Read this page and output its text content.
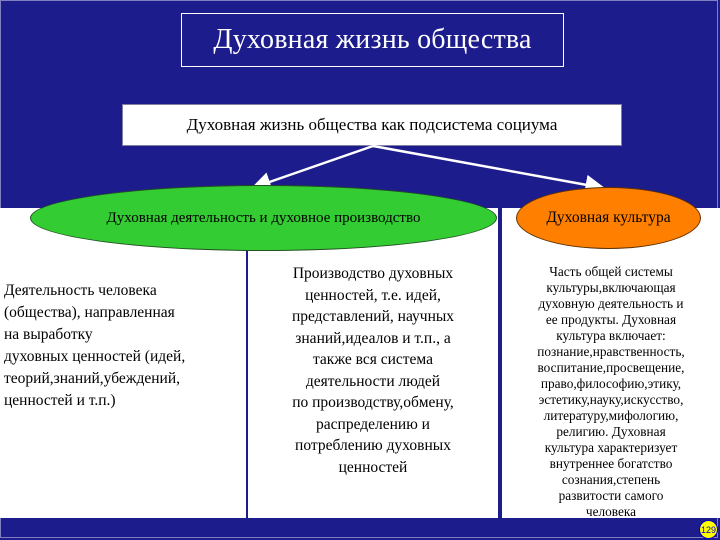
Духовная жизнь общества
Духовная жизнь общества как подсистема социума
Духовная деятельность и духовное производство	Духовная культура
Деятельность человека
(общества), направленная
на выработку
духовных ценностей (идей,
теорий,знаний,убеждений,
ценностей и т.п.)
Производство духовных
ценностей, т.е. идей,
представлений, научных
знаний,идеалов и т.п., а
также вся система
деятельности людей
по производству,обмену,
распределению и
потреблению духовных
ценностей
Часть общей системы
культуры,включающая
духовную деятельность и
ее продукты. Духовная
культура включает:
познание,нравственность,
воспитание,просвещение,
право,философию,этику,
эстетику,науку,искусство,
литературу,мифологию,
религию. Духовная
культура характеризует
внутреннее богатство
сознания,степень
развитости самого
человека
129
